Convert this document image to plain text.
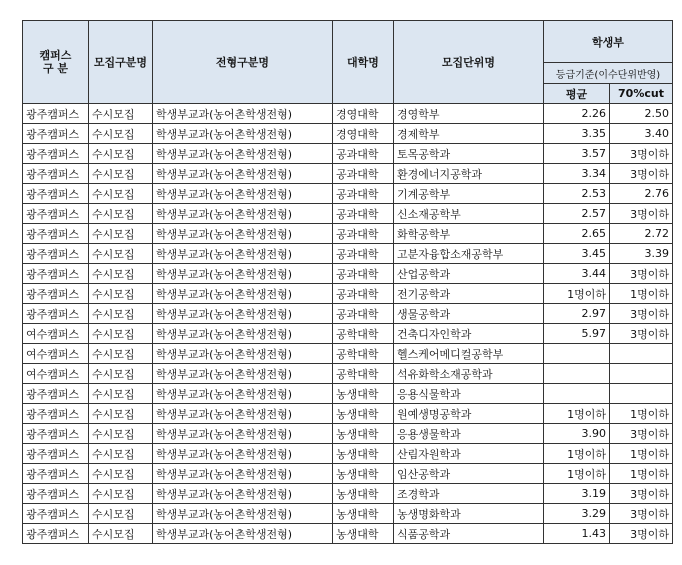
캠퍼스
구 분	모집구분명	전형구분명	대학명	모집단위명	학생부	
					등급기준(이수단위반영)	
					평균	70%cut
광주캠퍼스	수시모집	학생부교과(농어촌학생전형)	경영대학	경영학부	2.26	2.50
광주캠퍼스	수시모집	학생부교과(농어촌학생전형)	경영대학	경제학부	3.35	3.40
광주캠퍼스	수시모집	학생부교과(농어촌학생전형)	공과대학	토목공학과	3.57	3명이하
광주캠퍼스	수시모집	학생부교과(농어촌학생전형)	공과대학	환경에너지공학과	3.34	3명이하
광주캠퍼스	수시모집	학생부교과(농어촌학생전형)	공과대학	기계공학부	2.53	2.76
광주캠퍼스	수시모집	학생부교과(농어촌학생전형)	공과대학	신소재공학부	2.57	3명이하
광주캠퍼스	수시모집	학생부교과(농어촌학생전형)	공과대학	화학공학부	2.65	2.72
광주캠퍼스	수시모집	학생부교과(농어촌학생전형)	공과대학	고분자융합소재공학부	3.45	3.39
광주캠퍼스	수시모집	학생부교과(농어촌학생전형)	공과대학	산업공학과	3.44	3명이하
광주캠퍼스	수시모집	학생부교과(농어촌학생전형)	공과대학	전기공학과	1명이하	1명이하
광주캠퍼스	수시모집	학생부교과(농어촌학생전형)	공과대학	생물공학과	2.97	3명이하
여수캠퍼스	수시모집	학생부교과(농어촌학생전형)	공학대학	건축디자인학과	5.97	3명이하
여수캠퍼스	수시모집	학생부교과(농어촌학생전형)	공학대학	헬스케어메디컬공학부		
여수캠퍼스	수시모집	학생부교과(농어촌학생전형)	공학대학	석유화학소재공학과		
광주캠퍼스	수시모집	학생부교과(농어촌학생전형)	농생대학	응용식물학과		
광주캠퍼스	수시모집	학생부교과(농어촌학생전형)	농생대학	원예생명공학과	1명이하	1명이하
광주캠퍼스	수시모집	학생부교과(농어촌학생전형)	농생대학	응용생물학과	3.90	3명이하
광주캠퍼스	수시모집	학생부교과(농어촌학생전형)	농생대학	산림자원학과	1명이하	1명이하
광주캠퍼스	수시모집	학생부교과(농어촌학생전형)	농생대학	임산공학과	1명이하	1명이하
광주캠퍼스	수시모집	학생부교과(농어촌학생전형)	농생대학	조경학과	3.19	3명이하
광주캠퍼스	수시모집	학생부교과(농어촌학생전형)	농생대학	농생명화학과	3.29	3명이하
광주캠퍼스	수시모집	학생부교과(농어촌학생전형)	농생대학	식품공학과	1.43	3명이하
